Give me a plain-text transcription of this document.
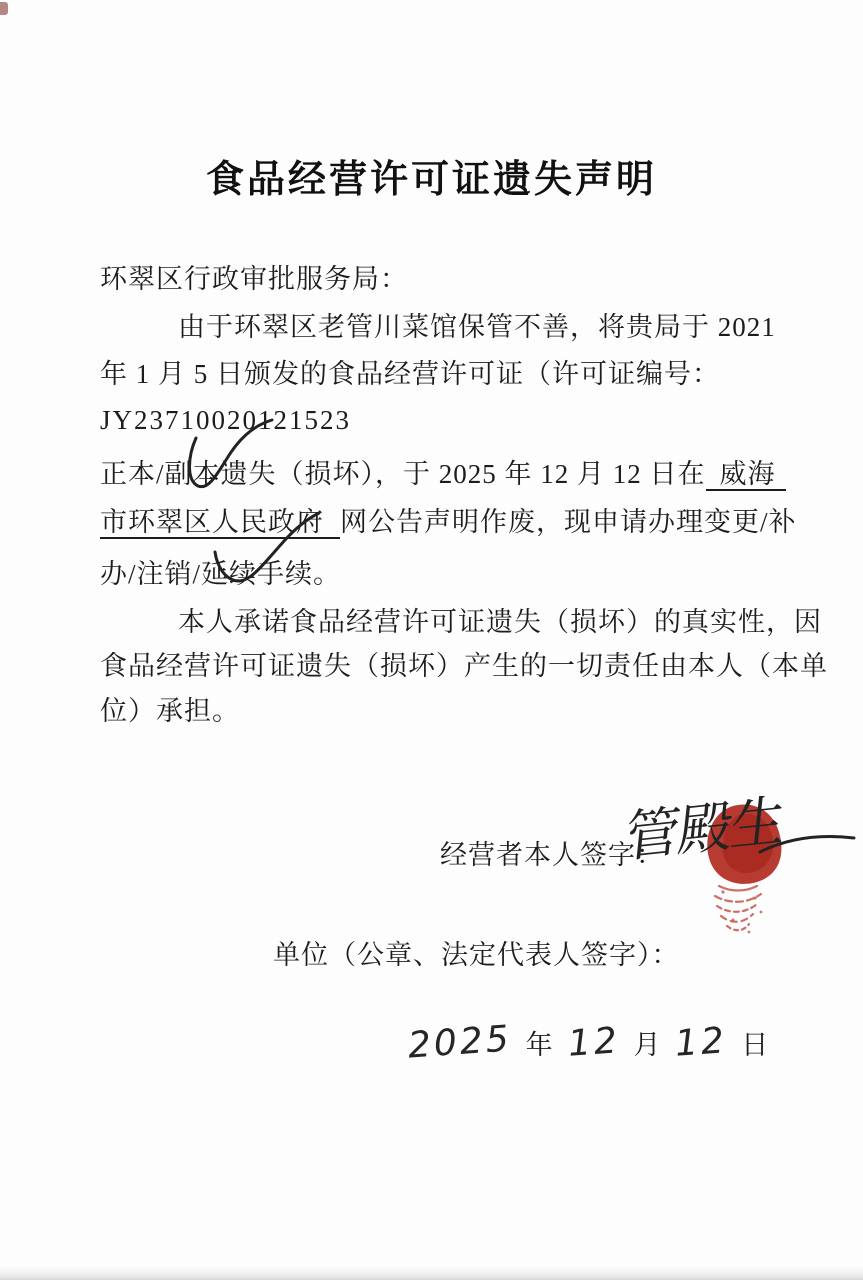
食品经营许可证遗失声明
环翠区行政审批服务局：
由于环翠区老管川菜馆保管不善，将贵局于 2021
年 1 月 5 日颁发的食品经营许可证（许可证编号：
JY23710020121523
正本/副本遗失（损坏），于 2025 年 12 月 12 日在 威海
市环翠区人民政府 网公告声明作废，现申请办理变更/补
办/注销/延续手续。
本人承诺食品经营许可证遗失（损坏）的真实性，因
食品经营许可证遗失（损坏）产生的一切责任由本人（本单
位）承担。
经营者本人签字：
管殿生
单位（公章、法定代表人签字）：
2025 年 12 月 12 日
